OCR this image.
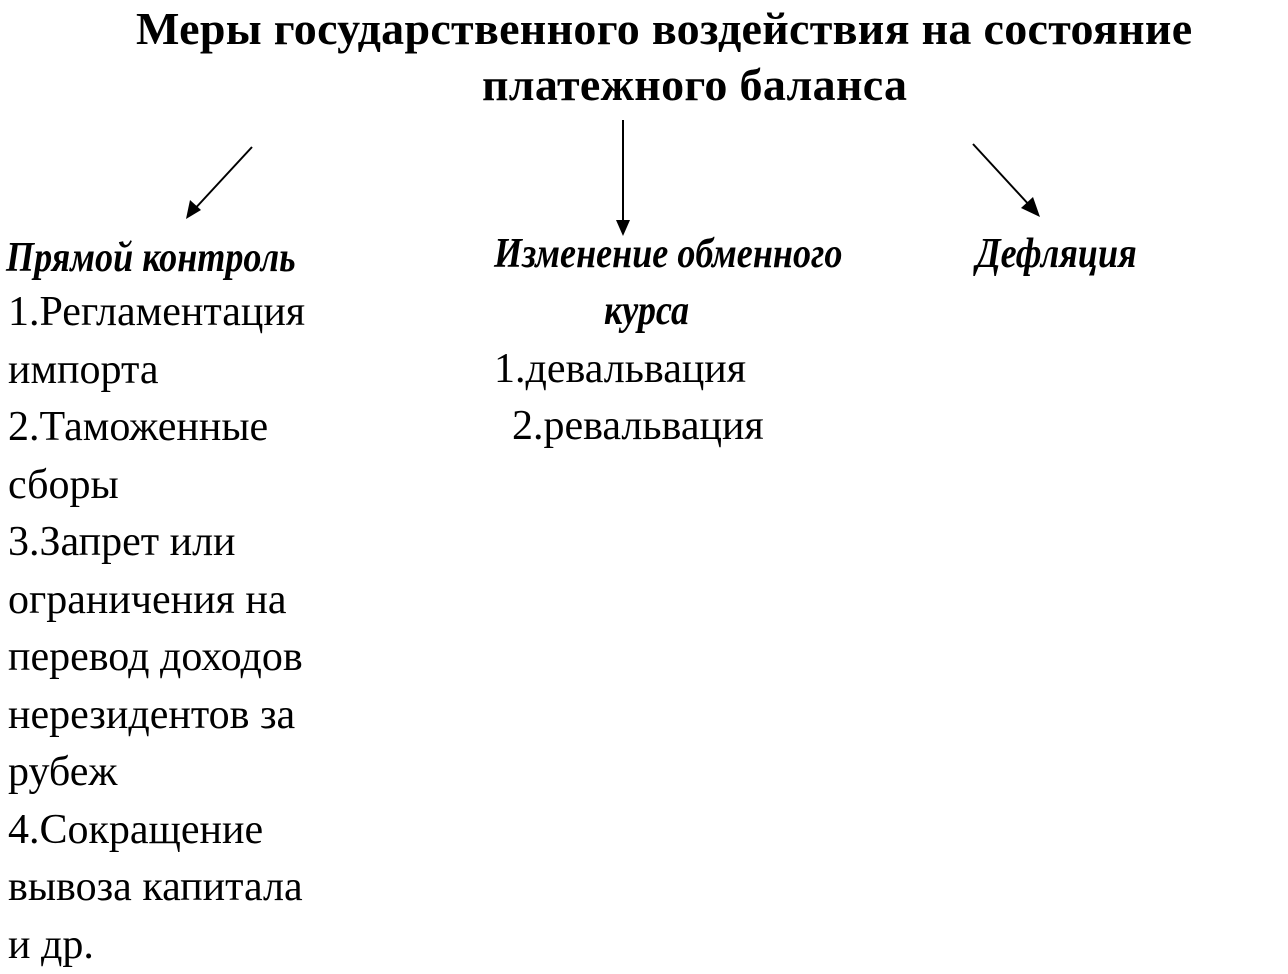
Меры государственного воздействия на состояние
платежного баланса
Прямой контроль
1.Регламентация
импорта
2.Таможенные
сборы
3.Запрет или
ограничения на
перевод доходов
нерезидентов за
рубеж
4.Сокращение
вывоза капитала
и др.
Изменение обменного
курса
1.девальвация
2.ревальвация
Дефляция
